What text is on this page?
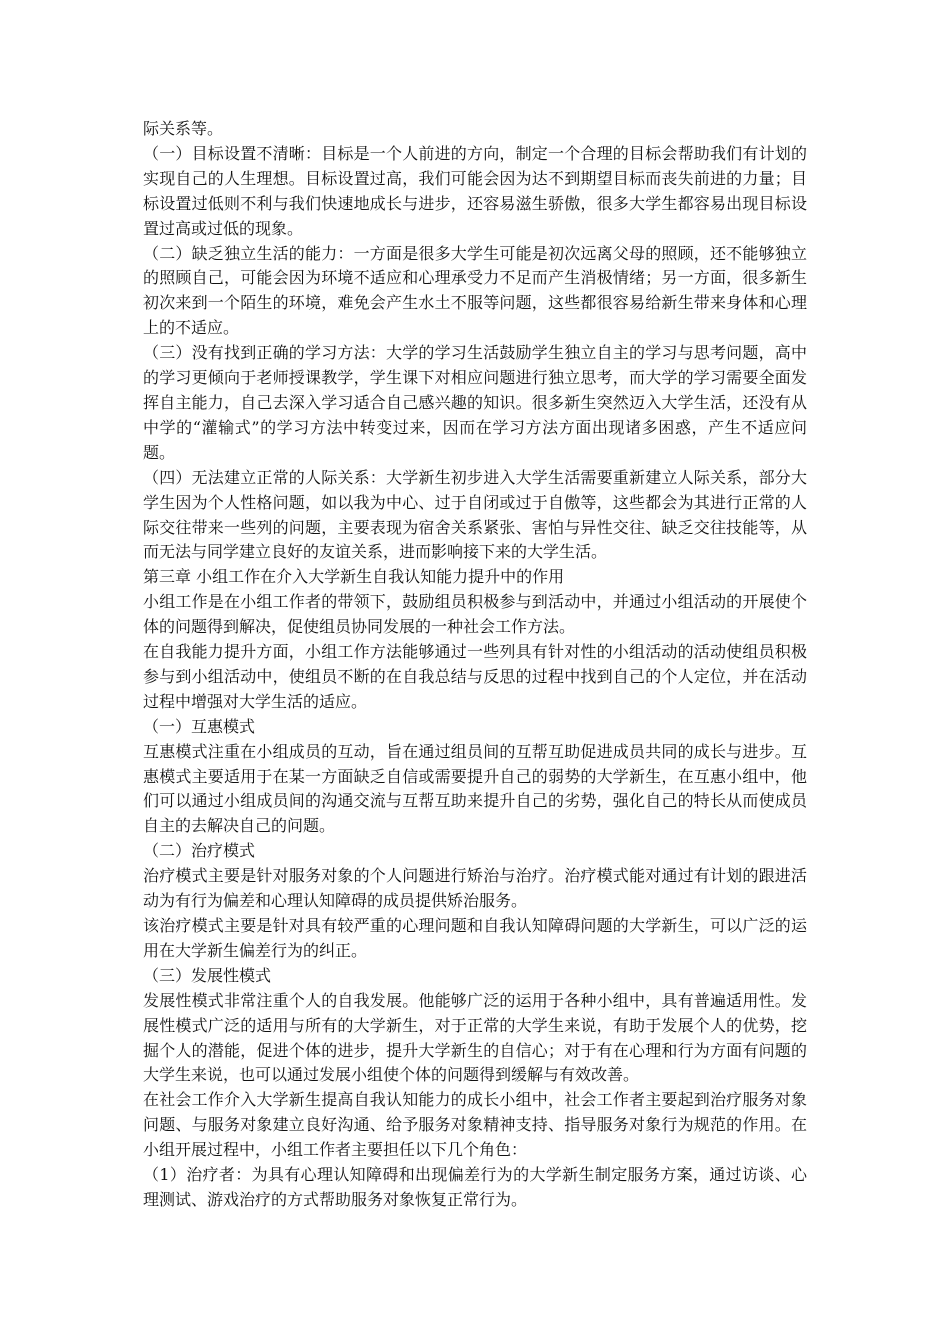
际关系等。

（一）目标设置不清晰：目标是一个人前进的方向，制定一个合理的目标会帮助我们有计划的实现自己的人生理想。目标设置过高，我们可能会因为达不到期望目标而丧失前进的力量；目标设置过低则不利与我们快速地成长与进步，还容易滋生骄傲，很多大学生都容易出现目标设置过高或过低的现象。

（二）缺乏独立生活的能力：一方面是很多大学生可能是初次远离父母的照顾，还不能够独立的照顾自己，可能会因为环境不适应和心理承受力不足而产生消极情绪；另一方面，很多新生初次来到一个陌生的环境，难免会产生水土不服等问题，这些都很容易给新生带来身体和心理上的不适应。

（三）没有找到正确的学习方法：大学的学习生活鼓励学生独立自主的学习与思考问题，高中的学习更倾向于老师授课教学，学生课下对相应问题进行独立思考，而大学的学习需要全面发挥自主能力，自己去深入学习适合自己感兴趣的知识。很多新生突然迈入大学生活，还没有从中学的“灌输式”的学习方法中转变过来，因而在学习方法方面出现诸多困惑，产生不适应问题。

（四）无法建立正常的人际关系：大学新生初步进入大学生活需要重新建立人际关系，部分大学生因为个人性格问题，如以我为中心、过于自闭或过于自傲等，这些都会为其进行正常的人际交往带来一些列的问题，主要表现为宿舍关系紧张、害怕与异性交往、缺乏交往技能等，从而无法与同学建立良好的友谊关系，进而影响接下来的大学生活。

第三章 小组工作在介入大学新生自我认知能力提升中的作用

小组工作是在小组工作者的带领下，鼓励组员积极参与到活动中，并通过小组活动的开展使个体的问题得到解决，促使组员协同发展的一种社会工作方法。

在自我能力提升方面，小组工作方法能够通过一些列具有针对性的小组活动的活动使组员积极参与到小组活动中，使组员不断的在自我总结与反思的过程中找到自己的个人定位，并在活动过程中增强对大学生活的适应。

（一）互惠模式

互惠模式注重在小组成员的互动，旨在通过组员间的互帮互助促进成员共同的成长与进步。互惠模式主要适用于在某一方面缺乏自信或需要提升自己的弱势的大学新生，在互惠小组中，他们可以通过小组成员间的沟通交流与互帮互助来提升自己的劣势，强化自己的特长从而使成员自主的去解决自己的问题。

（二）治疗模式

治疗模式主要是针对服务对象的个人问题进行矫治与治疗。治疗模式能对通过有计划的跟进活动为有行为偏差和心理认知障碍的成员提供矫治服务。

该治疗模式主要是针对具有较严重的心理问题和自我认知障碍问题的大学新生，可以广泛的运用在大学新生偏差行为的纠正。

（三）发展性模式

发展性模式非常注重个人的自我发展。他能够广泛的运用于各种小组中，具有普遍适用性。发展性模式广泛的适用与所有的大学新生，对于正常的大学生来说，有助于发展个人的优势，挖掘个人的潜能，促进个体的进步，提升大学新生的自信心；对于有在心理和行为方面有问题的大学生来说，也可以通过发展小组使个体的问题得到缓解与有效改善。

在社会工作介入大学新生提高自我认知能力的成长小组中，社会工作者主要起到治疗服务对象问题、与服务对象建立良好沟通、给予服务对象精神支持、指导服务对象行为规范的作用。在小组开展过程中，小组工作者主要担任以下几个角色：

（1）治疗者：为具有心理认知障碍和出现偏差行为的大学新生制定服务方案，通过访谈、心理测试、游戏治疗的方式帮助服务对象恢复正常行为。
